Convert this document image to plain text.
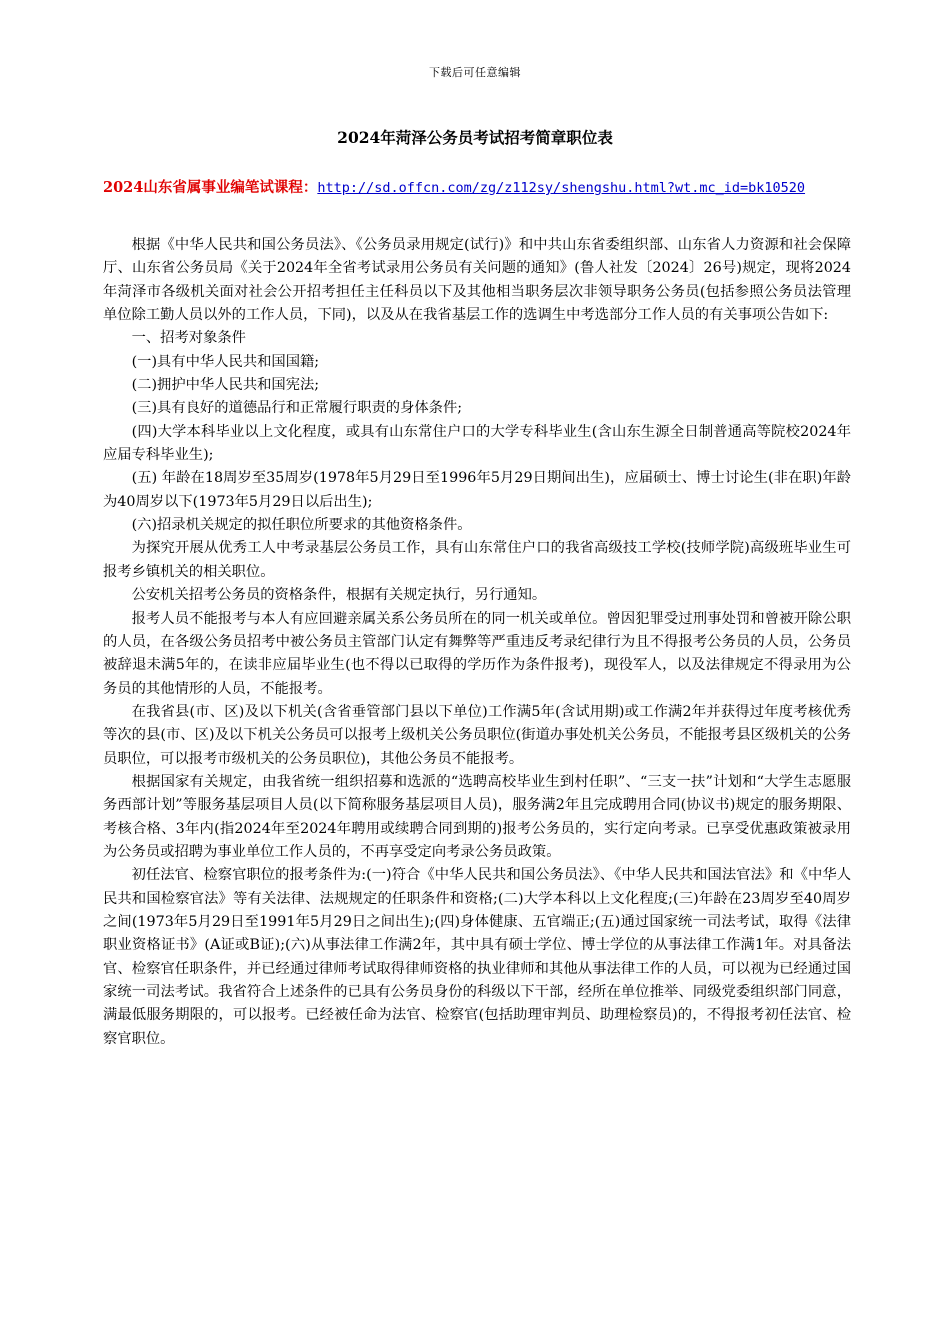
下载后可任意编辑
2024年菏泽公务员考试招考简章职位表
2024山东省属事业编笔试课程：http://sd.offcn.com/zg/z112sy/shengshu.html?wt.mc_id=bk10520

根据《中华人民共和国公务员法》、《公务员录用规定(试行)》和中共山东省委组织部、山东省人力资源和社会保障厅、山东省公务员局《关于2024年全省考试录用公务员有关问题的通知》(鲁人社发〔2024〕26号)规定，现将2024年菏泽市各级机关面对社会公开招考担任主任科员以下及其他相当职务层次非领导职务公务员(包括参照公务员法管理单位除工勤人员以外的工作人员，下同)，以及从在我省基层工作的选调生中考选部分工作人员的有关事项公告如下:

一、招考对象条件

(一)具有中华人民共和国国籍;

(二)拥护中华人民共和国宪法;

(三)具有良好的道德品行和正常履行职责的身体条件;

(四)大学本科毕业以上文化程度，或具有山东常住户口的大学专科毕业生(含山东生源全日制普通高等院校2024年应届专科毕业生);

(五) 年龄在18周岁至35周岁(1978年5月29日至1996年5月29日期间出生)，应届硕士、博士讨论生(非在职)年龄为40周岁以下(1973年5月29日以后出生);

(六)招录机关规定的拟任职位所要求的其他资格条件。

为探究开展从优秀工人中考录基层公务员工作，具有山东常住户口的我省高级技工学校(技师学院)高级班毕业生可报考乡镇机关的相关职位。

公安机关招考公务员的资格条件，根据有关规定执行，另行通知。

报考人员不能报考与本人有应回避亲属关系公务员所在的同一机关或单位。曾因犯罪受过刑事处罚和曾被开除公职的人员，在各级公务员招考中被公务员主管部门认定有舞弊等严重违反考录纪律行为且不得报考公务员的人员，公务员被辞退未满5年的，在读非应届毕业生(也不得以已取得的学历作为条件报考)，现役军人，以及法律规定不得录用为公务员的其他情形的人员，不能报考。

在我省县(市、区)及以下机关(含省垂管部门县以下单位)工作满5年(含试用期)或工作满2年并获得过年度考核优秀等次的县(市、区)及以下机关公务员可以报考上级机关公务员职位(街道办事处机关公务员，不能报考县区级机关的公务员职位，可以报考市级机关的公务员职位)，其他公务员不能报考。

根据国家有关规定，由我省统一组织招募和选派的“选聘高校毕业生到村任职”、“三支一扶”计划和“大学生志愿服务西部计划”等服务基层项目人员(以下简称服务基层项目人员)，服务满2年且完成聘用合同(协议书)规定的服务期限、考核合格、3年内(指2024年至2024年聘用或续聘合同到期的)报考公务员的，实行定向考录。已享受优惠政策被录用为公务员或招聘为事业单位工作人员的，不再享受定向考录公务员政策。

初任法官、检察官职位的报考条件为:(一)符合《中华人民共和国公务员法》、《中华人民共和国法官法》和《中华人民共和国检察官法》等有关法律、法规规定的任职条件和资格;(二)大学本科以上文化程度;(三)年龄在23周岁至40周岁之间(1973年5月29日至1991年5月29日之间出生);(四)身体健康、五官端正;(五)通过国家统一司法考试，取得《法律职业资格证书》(A证或B证);(六)从事法律工作满2年，其中具有硕士学位、博士学位的从事法律工作满1年。对具备法官、检察官任职条件，并已经通过律师考试取得律师资格的执业律师和其他从事法律工作的人员，可以视为已经通过国家统一司法考试。我省符合上述条件的已具有公务员身份的科级以下干部，经所在单位推举、同级党委组织部门同意，满最低服务期限的，可以报考。已经被任命为法官、检察官(包括助理审判员、助理检察员)的，不得报考初任法官、检察官职位。
